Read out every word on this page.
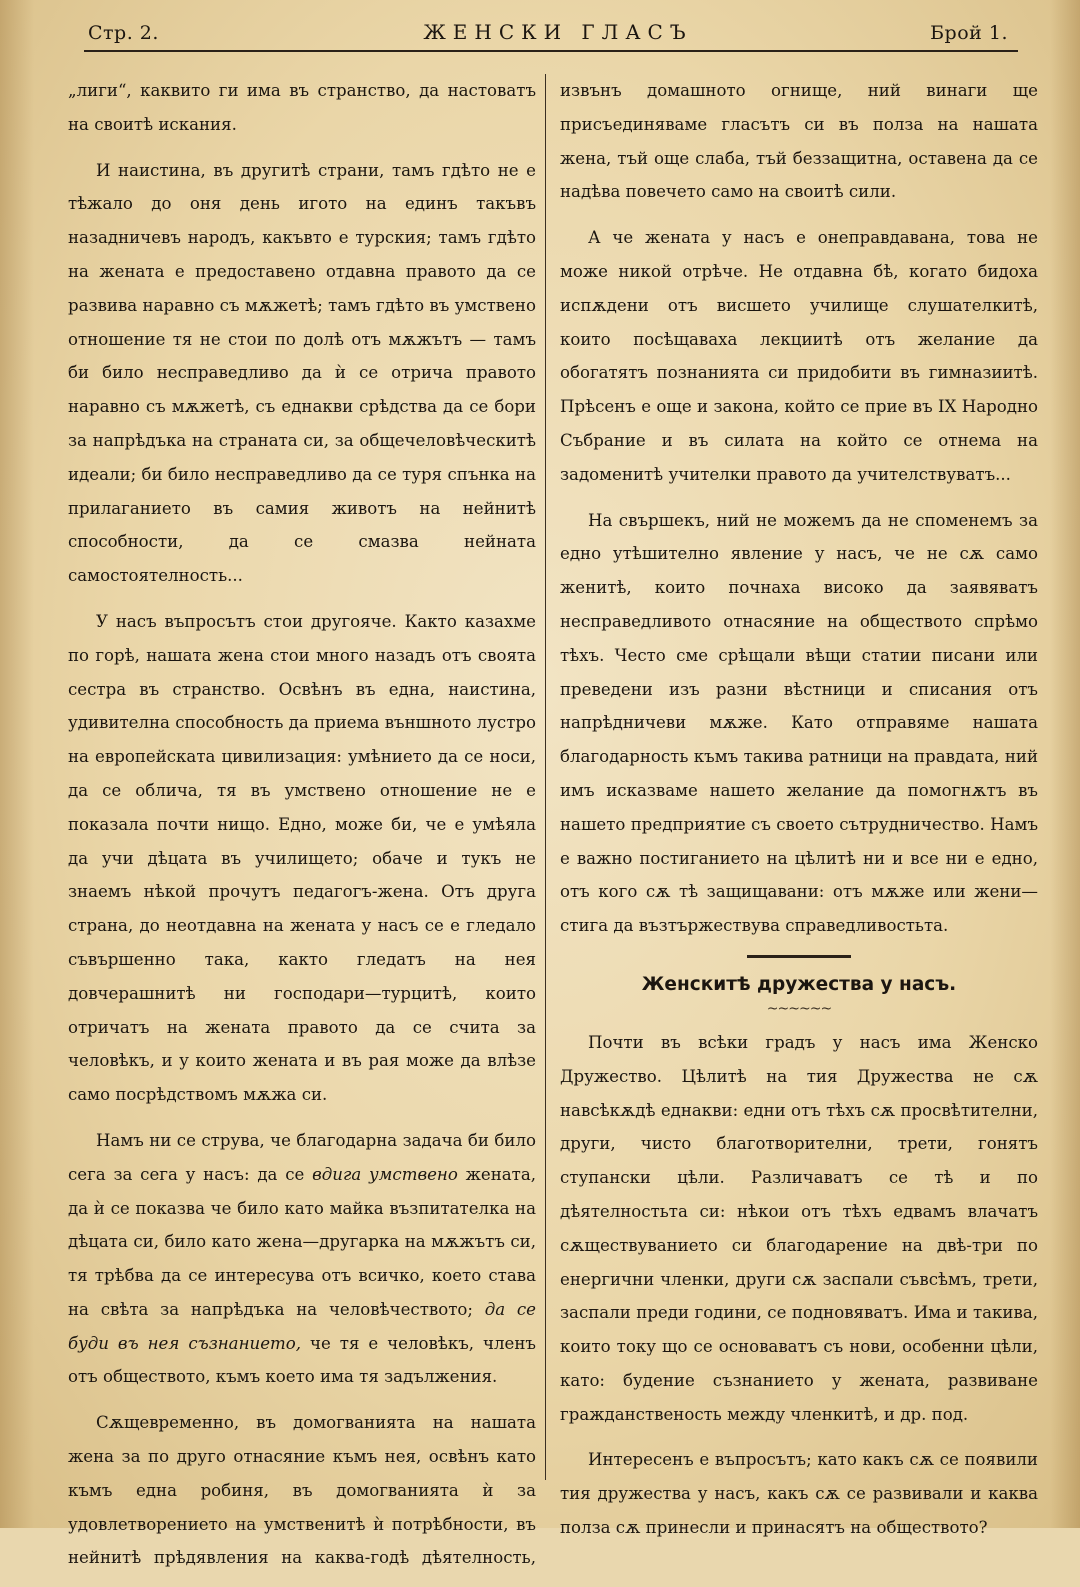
Стр. 2.	ЖЕНСКИ ГЛАСЪ	Брой 1.

„лиги“, каквито ги има въ странство, да настоватъ на своитѣ искания.

И наистина, въ другитѣ страни, тамъ гдѣто не е тѣжало до оня день игото на единъ такъвъ назадничевъ народъ, какъвто е турския; тамъ гдѣто на жената е предоставено отдавна правото да се развива наравно съ мѫжетѣ; тамъ гдѣто въ умствено отношение тя не стои по долѣ отъ мѫжътъ — тамъ би било несправедливо да ѝ се отрича правото наравно съ мѫжетѣ, съ еднакви срѣдства да се бори за напрѣдъка на страната си, за общечеловѣческитѣ идеали; би било несправедливо да се туря спънка на прилаганието въ самия животъ на нейнитѣ способности, да се смазва нейната самостоятелность...

У насъ въпросътъ стои другояче. Както казахме по горѣ, нашата жена стои много назадъ отъ своята сестра въ странство. Освѣнъ въ една, наистина, удивителна способность да приема външното лустро на европейската цивилизация: умѣнието да се носи, да се облича, тя въ умствено отношение не е показала почти нищо. Едно, може би, че е умѣяла да учи дѣцата въ училището; обаче и тукъ не знаемъ нѣкой прочутъ педагогъ-жена. Отъ друга страна, до неотдавна на жената у насъ се е гледало съвършенно така, както гледатъ на нея довчерашнитѣ ни господари—турцитѣ, които отричатъ на жената правото да се счита за человѣкъ, и у които жената и въ рая може да влѣзе само посрѣдствомъ мѫжа си.

Намъ ни се струва, че благодарна задача би било сега за сега у насъ: да се вдига умствено жената, да ѝ се показва че било като майка възпитателка на дѣцата си, било като жена—другарка на мѫжътъ си, тя трѣбва да се интересува отъ всичко, което става на свѣта за напрѣдъка на человѣчеството; да се буди въ нея съзнанието, че тя е человѣкъ, членъ отъ обществото, къмъ което има тя задължения.

Сѫщевременно, въ домогванията на нашата жена за по друго отнасяние къмъ нея, освѣнъ като къмъ една робиня, въ домогванията ѝ за удовлетворението на умственитѣ ѝ потрѣбности, въ нейнитѣ прѣдявления на каква-годѣ дѣятелность,

извънъ домашното огнище, ний винаги ще присъединяваме гласътъ си въ полза на нашата жена, тъй още слаба, тъй беззащитна, оставена да се надѣва повечето само на своитѣ сили.

А че жената у насъ е онеправдавана, това не може никой отрѣче. Не отдавна бѣ, когато бидоха испѫдени отъ висшето училище слушателкитѣ, които посѣщаваха лекциитѣ отъ желание да обогатятъ познанията си придобити въ гимназиитѣ. Прѣсенъ е още и закона, който се прие въ IX Народно Събрание и въ силата на който се отнема на задоменитѣ учителки правото да учителствуватъ...

На свършекъ, ний не можемъ да не споменемъ за едно утѣшително явление у насъ, че не сѫ само женитѣ, които почнаха високо да заявяватъ несправедливото отнасяние на обществото спрѣмо тѣхъ. Често сме срѣщали вѣщи статии писани или преведени изъ разни вѣстници и списания отъ напрѣдничеви мѫже. Като отправяме нашата благодарность къмъ такива ратници на правдата, ний имъ исказваме нашето желание да помогнѫтъ въ нашето предприятие съ своето сътрудничество. Намъ е важно постиганието на цѣлитѣ ни и все ни е едно, отъ кого сѫ тѣ защищавани: отъ мѫже или жени—стига да възтържествува справедливостьта.

Женскитѣ дружества у насъ.
~~~~~~

Почти въ всѣки градъ у насъ има Женско Дружество. Цѣлитѣ на тия Дружества не сѫ навсѣкѫдѣ еднакви: едни отъ тѣхъ сѫ просвѣтителни, други, чисто благотворителни, трети, гонятъ ступански цѣли. Различаватъ се тѣ и по дѣятелностьта си: нѣкои отъ тѣхъ едвамъ влачатъ сѫществуванието си благодарение на двѣ-три по енергични членки, други сѫ заспали съвсѣмъ, трети, заспали преди години, се подновяватъ. Има и такива, които току що се основаватъ съ нови, особенни цѣли, като: будение съзнанието у жената, развиване гражданственость между членкитѣ, и др. под.

Интересенъ е въпросътъ; като какъ сѫ се появили тия дружества у насъ, какъ сѫ се развивали и каква полза сѫ принесли и принасятъ на обществото?
